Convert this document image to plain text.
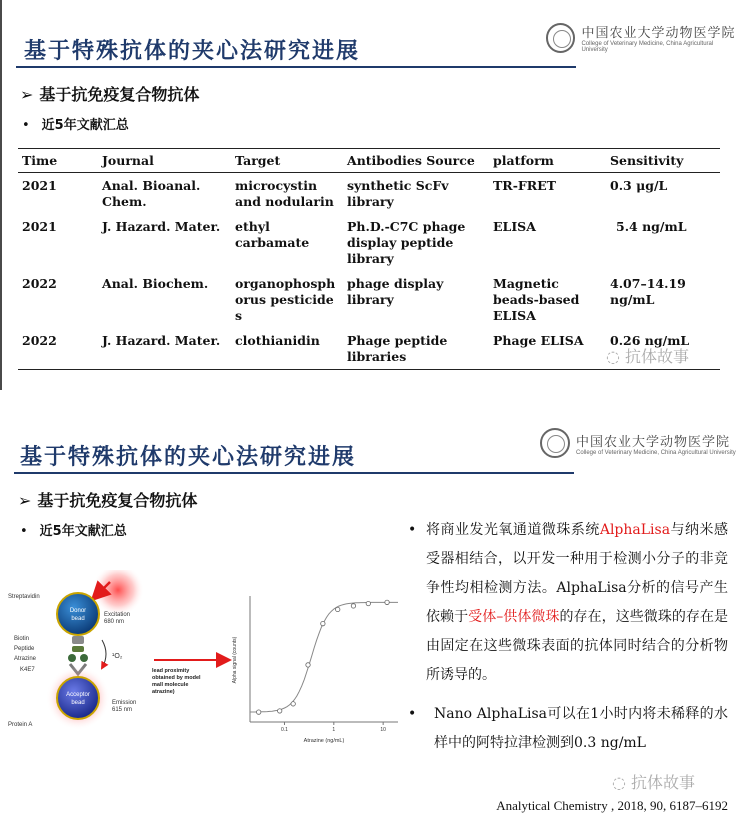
基于特殊抗体的夹心法研究进展
中国农业大学动物医学院
College of Veterinary Medicine, China Agricultural University
➢ 基于抗免疫复合物抗体
• 近5年文献汇总
Time	Journal	Target	Antibodies Source	platform	Sensitivity
2021	Anal. Bioanal. Chem.	microcystin and nodularin	synthetic ScFv library	TR-FRET	0.3 μg/L
2021	J. Hazard. Mater.	ethyl carbamate	Ph.D.-C7C phage display peptide library	ELISA	5.4 ng/mL
2022	Anal. Biochem.	organophosphorus pesticides	phage display library	Magnetic beads-based ELISA	4.07–14.19 ng/mL
2022	J. Hazard. Mater.	clothianidin	Phage peptide libraries	Phage ELISA	0.26 ng/mL
◌ 抗体故事
基于特殊抗体的夹心法研究进展
中国农业大学动物医学院
College of Veterinary Medicine, China Agricultural University
➢ 基于抗免疫复合物抗体
• 近5年文献汇总
Donor
bead
Streptavidin
Excitation
680 nm
Biotin
Peptide
Atrazine
K4E7
¹O₂
Acceptor
bead	Emission
615 nm
Protein A
lead proximity
obtained by model
mall molecule
atrazine)
Alpha signal (counts)
Atrazine (ng/mL)
0.1	1	10
• 将商业发光氧通道微珠系统AlphaLisa与纳米感受器相结合，以开发一种用于检测小分子的非竞争性均相检测方法。AlphaLisa分析的信号产生依赖于受体–供体微珠的存在，这些微珠的存在是由固定在这些微珠表面的抗体同时结合的分析物所诱导的。
• Nano AlphaLisa可以在1小时内将未稀释的水样中的阿特拉津检测到0.3 ng/mL
◌ 抗体故事
Analytical Chemistry , 2018, 90, 6187–6192
